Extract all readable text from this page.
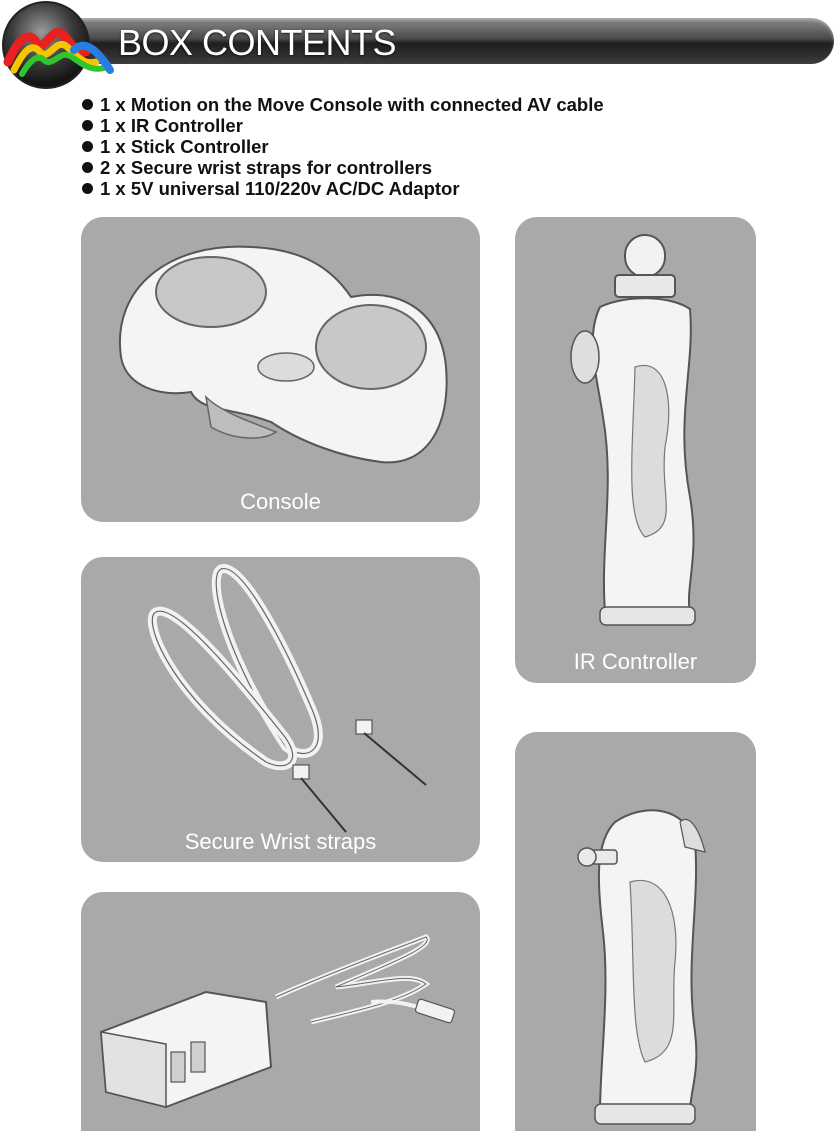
BOX CONTENTS
1 x Motion on the Move Console with connected AV cable
1 x IR Controller
1 x Stick Controller
2 x Secure wrist straps for controllers
1 x 5V universal 110/220v AC/DC Adaptor
Console
IR Controller
Secure Wrist straps
